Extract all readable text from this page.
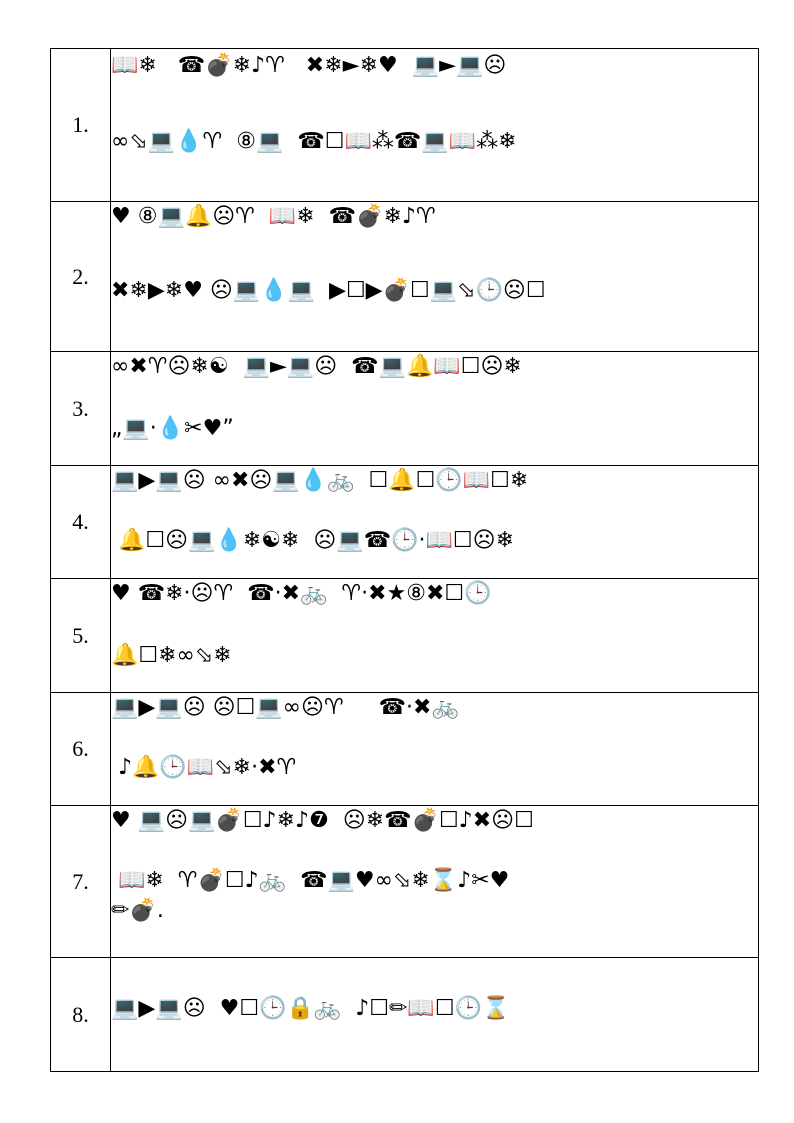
1.	📖❄   ☎💣❄♪♈   ✖❄►❄♥  💻►💻☹
∞⬂💻💧♈  ⑧💻  ☎☐📖⁂☎💻📖⁂❄

2.	♥ ⑧💻🔔☹♈  📖❄  ☎💣❄♪♈
✖❄▶❄♥ ☹💻💧💻  ▶☐▶💣☐💻⬂🕒☹☐

3.	∞✖♈☹❄☯  💻►💻☹  ☎💻🔔📖☐☹❄
„💻·💧✂♥”

4.	💻▶💻☹ ∞✖☹💻💧🚲  ☐🔔☐🕒📖☐❄
🔔☐☹💻💧❄☯❄  ☹💻☎🕒·📖☐☹❄

5.	♥ ☎❄·☹♈  ☎·✖🚲  ♈·✖★⑧✖☐🕒
🔔☐❄∞⬂❄

6.	💻▶💻☹ ☹☐💻∞☹♈     ☎·✖🚲
♪🔔🕒📖⬂❄·✖♈

7.	♥ 💻☹💻💣☐♪❄♪❼  ☹❄☎💣☐♪✖☹☐
📖❄  ♈💣☐♪🚲  ☎💻♥∞⬂❄⌛♪✂♥
✏💣.

8.	💻▶💻☹  ♥☐🕒🔒🚲  ♪☐✏📖☐🕒⌛
